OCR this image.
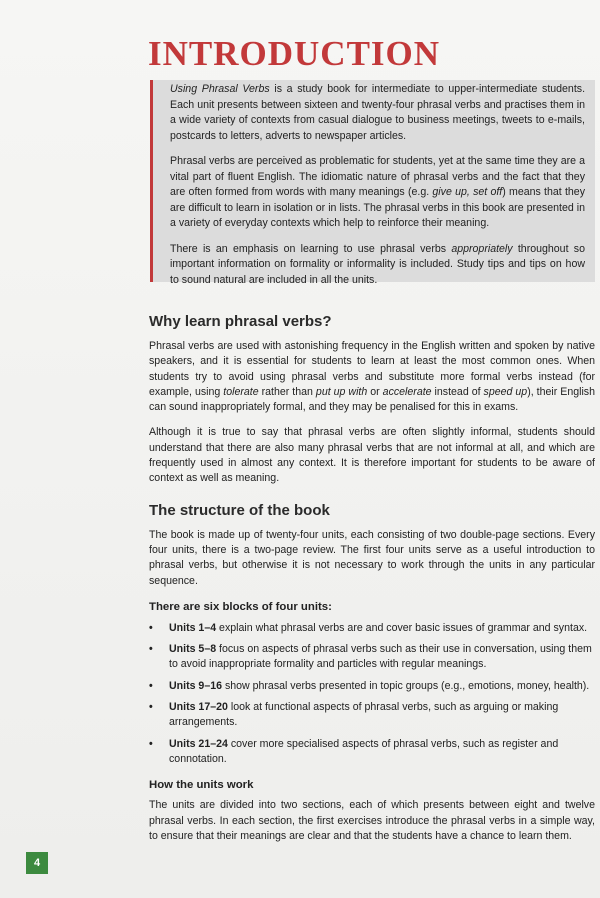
INTRODUCTION

Using Phrasal Verbs is a study book for intermediate to upper-intermediate students. Each unit presents between sixteen and twenty-four phrasal verbs and practises them in a wide variety of contexts from casual dialogue to business meetings, tweets to e-mails, postcards to letters, adverts to newspaper articles.

Phrasal verbs are perceived as problematic for students, yet at the same time they are a vital part of fluent English. The idiomatic nature of phrasal verbs and the fact that they are often formed from words with many meanings (e.g. give up, set off) means that they are difficult to learn in isolation or in lists. The phrasal verbs in this book are presented in a variety of everyday contexts which help to reinforce their meaning.

There is an emphasis on learning to use phrasal verbs appropriately throughout so important information on formality or informality is included. Study tips and tips on how to sound natural are included in all the units.

Why learn phrasal verbs?

Phrasal verbs are used with astonishing frequency in the English written and spoken by native speakers, and it is essential for students to learn at least the most common ones. When students try to avoid using phrasal verbs and substitute more formal verbs instead (for example, using tolerate rather than put up with or accelerate instead of speed up), their English can sound inappropriately formal, and they may be penalised for this in exams.

Although it is true to say that phrasal verbs are often slightly informal, students should understand that there are also many phrasal verbs that are not informal at all, and which are frequently used in almost any context. It is therefore important for students to be aware of context as well as meaning.

The structure of the book

The book is made up of twenty-four units, each consisting of two double-page sections. Every four units, there is a two-page review. The first four units serve as a useful introduction to phrasal verbs, but otherwise it is not necessary to work through the units in any particular sequence.

There are six blocks of four units:
• Units 1–4 explain what phrasal verbs are and cover basic issues of grammar and syntax.
• Units 5–8 focus on aspects of phrasal verbs such as their use in conversation, using them to avoid inappropriate formality and particles with regular meanings.
• Units 9–16 show phrasal verbs presented in topic groups (e.g., emotions, money, health).
• Units 17–20 look at functional aspects of phrasal verbs, such as arguing or making arrangements.
• Units 21–24 cover more specialised aspects of phrasal verbs, such as register and connotation.
How the units work

The units are divided into two sections, each of which presents between eight and twelve phrasal verbs. In each section, the first exercises introduce the phrasal verbs in a simple way, to ensure that their meanings are clear and that the students have a chance to learn them.

4
